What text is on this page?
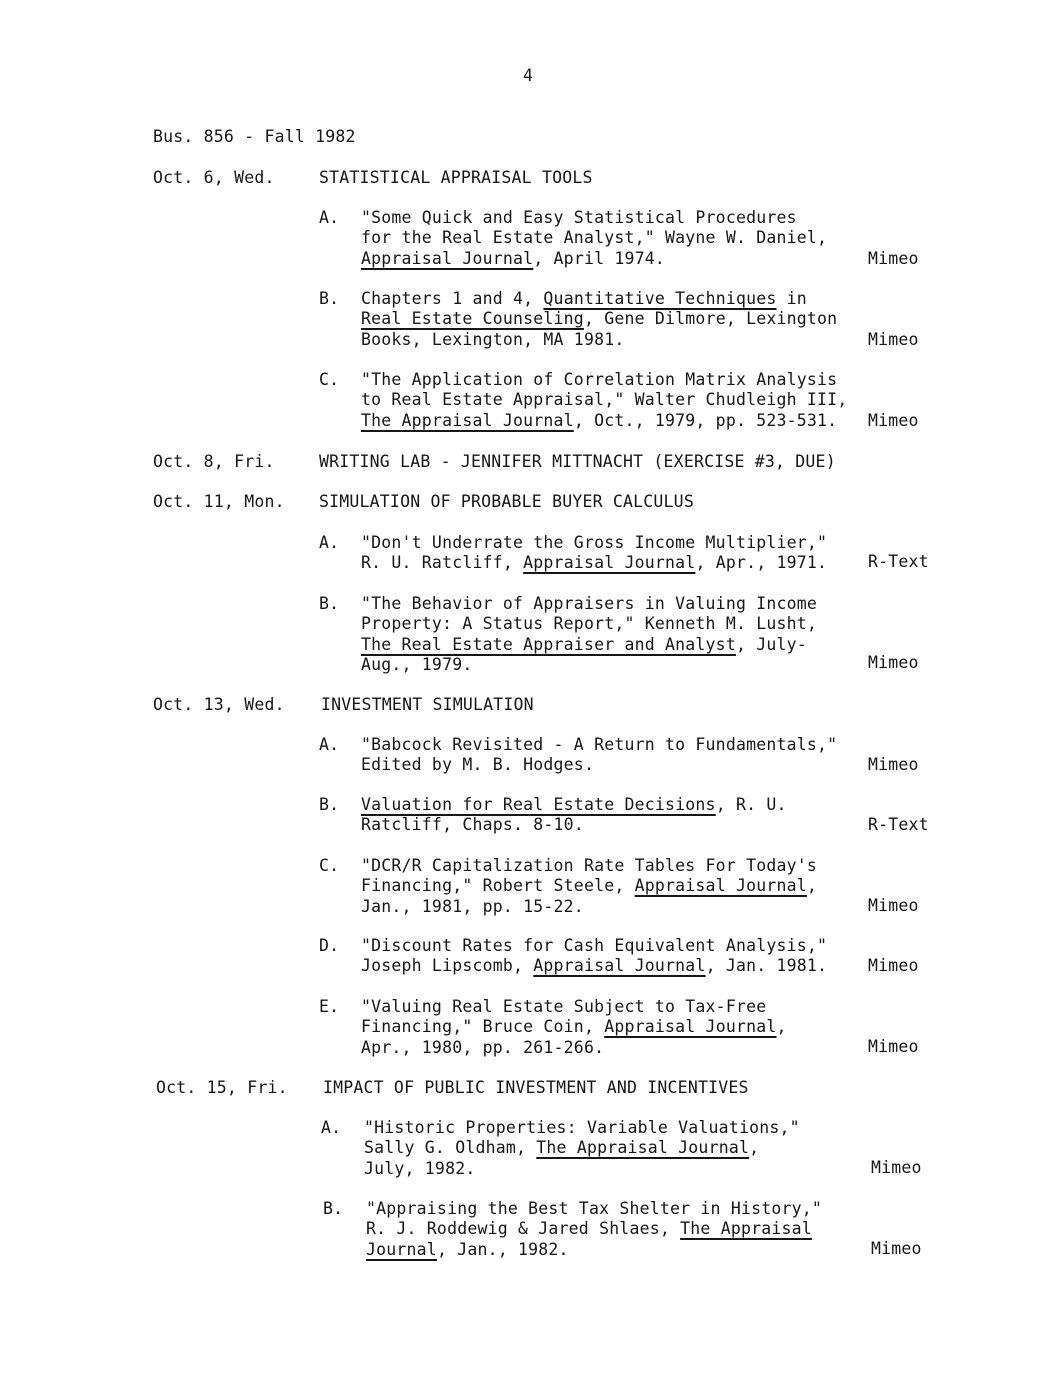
4
Bus. 856 - Fall 1982
Oct. 6, Wed.	STATISTICAL APPRAISAL TOOLS
A. "Some Quick and Easy Statistical Procedures
for the Real Estate Analyst," Wayne W. Daniel,
Appraisal Journal, April 1974.	Mimeo
B. Chapters 1 and 4, Quantitative Techniques in
Real Estate Counseling, Gene Dilmore, Lexington
Books, Lexington, MA 1981.	Mimeo
C. "The Application of Correlation Matrix Analysis
to Real Estate Appraisal," Walter Chudleigh III,
The Appraisal Journal, Oct., 1979, pp. 523-531.	Mimeo
Oct. 8, Fri.	WRITING LAB - JENNIFER MITTNACHT (EXERCISE #3, DUE)
Oct. 11, Mon. SIMULATION OF PROBABLE BUYER CALCULUS
A. "Don't Underrate the Gross Income Multiplier,"
R. U. Ratcliff, Appraisal Journal, Apr., 1971.	R-Text
B. "The Behavior of Appraisers in Valuing Income
Property: A Status Report," Kenneth M. Lusht,
The Real Estate Appraiser and Analyst, July-
Aug., 1979.	Mimeo
Oct. 13, Wed. INVESTMENT SIMULATION
A. "Babcock Revisited - A Return to Fundamentals,"
Edited by M. B. Hodges.	Mimeo
B. Valuation for Real Estate Decisions, R. U.
Ratcliff, Chaps. 8-10.	R-Text
C. "DCR/R Capitalization Rate Tables For Today's
Financing," Robert Steele, Appraisal Journal,
Jan., 1981, pp. 15-22.	Mimeo
D. "Discount Rates for Cash Equivalent Analysis,"
Joseph Lipscomb, Appraisal Journal, Jan. 1981.	Mimeo
E. "Valuing Real Estate Subject to Tax-Free
Financing," Bruce Coin, Appraisal Journal,
Apr., 1980, pp. 261-266.	Mimeo
Oct. 15, Fri. IMPACT OF PUBLIC INVESTMENT AND INCENTIVES
A. "Historic Properties: Variable Valuations,"
Sally G. Oldham, The Appraisal Journal,
July, 1982.	Mimeo
B. "Appraising the Best Tax Shelter in History,"
R. J. Roddewig & Jared Shlaes, The Appraisal
Journal, Jan., 1982.	Mimeo
